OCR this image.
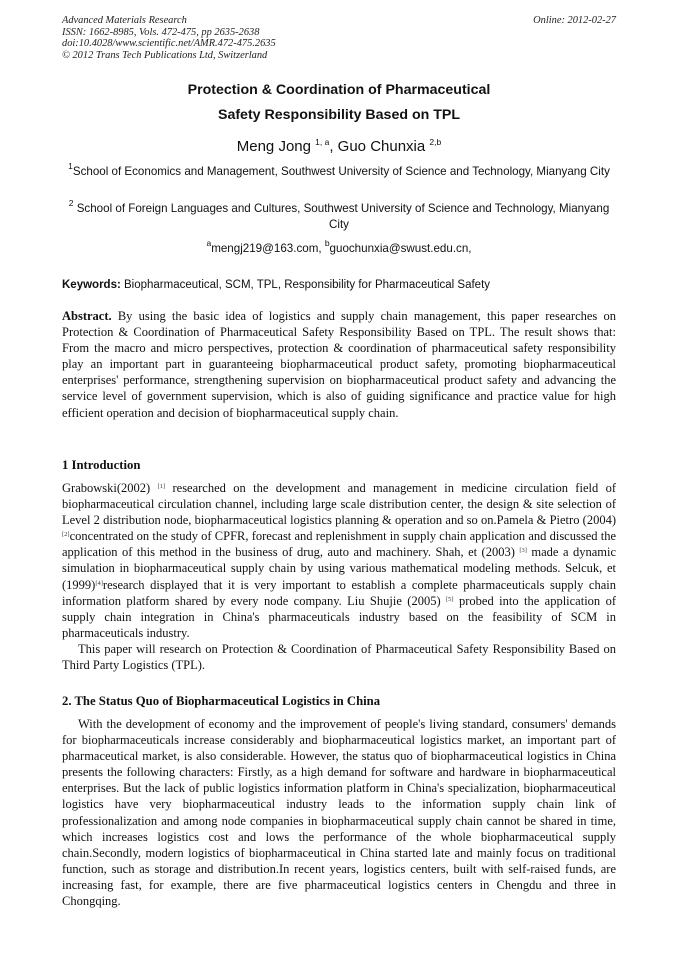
Advanced Materials Research
ISSN: 1662-8985, Vols. 472-475, pp 2635-2638
doi:10.4028/www.scientific.net/AMR.472-475.2635
© 2012 Trans Tech Publications Ltd, Switzerland
Online: 2012-02-27
Protection & Coordination of Pharmaceutical
Safety Responsibility Based on TPL
Meng Jong $^{1, a}$, Guo Chunxia $^{2,b}$
$^1$School of Economics and Management, Southwest University of Science and Technology, Mianyang City
$^2$ School of Foreign Languages and Cultures, Southwest University of Science and Technology, Mianyang City
$^a$mengj219@163.com, $^b$guochunxia@swust.edu.cn,
Keywords: Biopharmaceutical, SCM, TPL, Responsibility for Pharmaceutical Safety

Abstract. By using the basic idea of logistics and supply chain management, this paper researches on Protection & Coordination of Pharmaceutical Safety Responsibility Based on TPL. The result shows that: From the macro and micro perspectives, protection & coordination of pharmaceutical safety responsibility play an important part in guaranteeing biopharmaceutical product safety, promoting biopharmaceutical enterprises' performance, strengthening supervision on biopharmaceutical product safety and advancing the service level of government supervision, which is also of guiding significance and practice value for high efficient operation and decision of biopharmaceutical supply chain.

1 Introduction

Grabowski(2002) [1] researched on the development and management in medicine circulation field of biopharmaceutical circulation channel, including large scale distribution center, the design & site selection of Level 2 distribution node, biopharmaceutical logistics planning & operation and so on.Pamela & Pietro (2004)[2]concentrated on the study of CPFR, forecast and replenishment in supply chain application and discussed the application of this method in the business of drug, auto and machinery. Shah, et (2003) [3] made a dynamic simulation in biopharmaceutical supply chain by using various mathematical modeling methods. Selcuk, et (1999)[4]research displayed that it is very important to establish a complete pharmaceuticals supply chain information platform shared by every node company. Liu Shujie (2005) [5] probed into the application of supply chain integration in China's pharmaceuticals industry based on the feasibility of SCM in pharmaceuticals industry.

This paper will research on Protection & Coordination of Pharmaceutical Safety Responsibility Based on Third Party Logistics (TPL).

2. The Status Quo of Biopharmaceutical Logistics in China

With the development of economy and the improvement of people's living standard, consumers' demands for biopharmaceuticals increase considerably and biopharmaceutical logistics market, an important part of pharmaceutical market, is also considerable. However, the status quo of biopharmaceutical logistics in China presents the following characters: Firstly, as a high demand for software and hardware in biopharmaceutical enterprises. But the lack of public logistics information platform in China's specialization, biopharmaceutical logistics have very biopharmaceutical industry leads to the information supply chain link of professionalization and among node companies in biopharmaceutical supply chain cannot be shared in time, which increases logistics cost and lows the performance of the whole biopharmaceutical supply chain.Secondly, modern logistics of biopharmaceutical in China started late and mainly focus on traditional function, such as storage and distribution.In recent years, logistics centers, built with self-raised funds, are increasing fast, for example, there are five pharmaceutical logistics centers in Chengdu and three in Chongqing.
